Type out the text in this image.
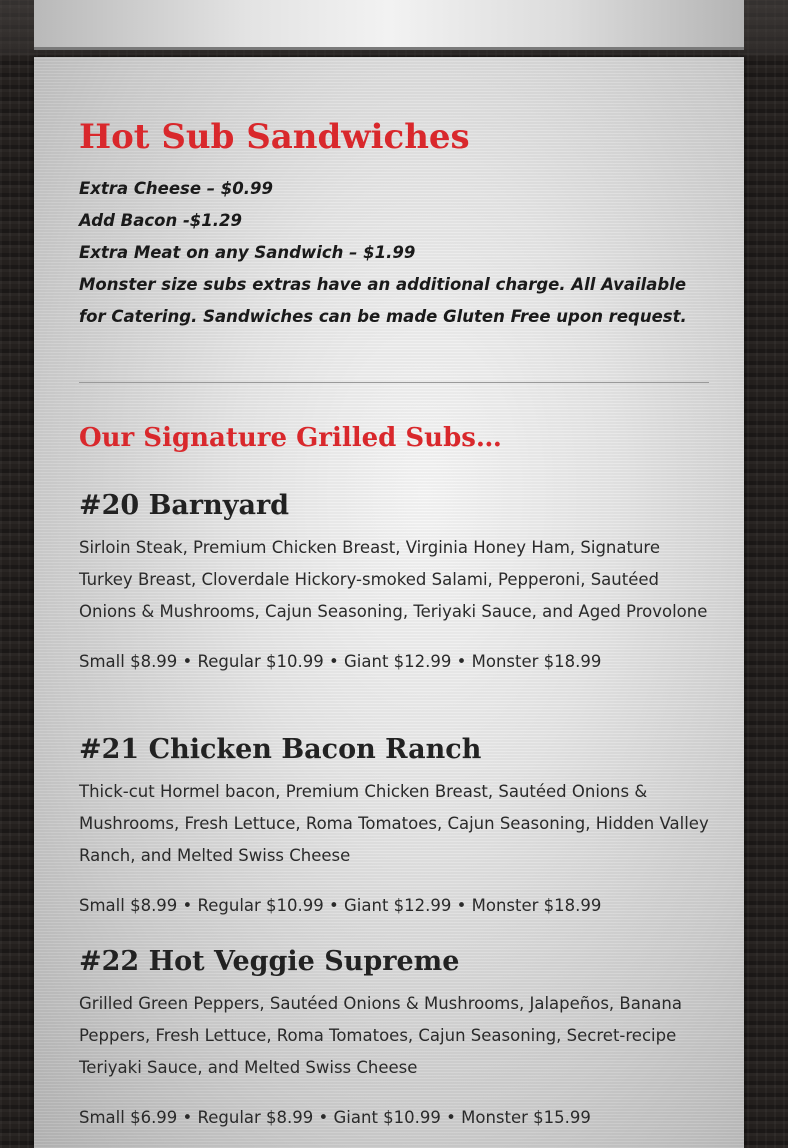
Hot Sub Sandwiches
Extra Cheese – $0.99
Add Bacon -$1.29
Extra Meat on any Sandwich – $1.99
Monster size subs extras have an additional charge. All Available for Catering. Sandwiches can be made Gluten Free upon request.
Our Signature Grilled Subs…
#20 Barnyard

Sirloin Steak, Premium Chicken Breast, Virginia Honey Ham, Signature Turkey Breast, Cloverdale Hickory-smoked Salami, Pepperoni, Sautéed Onions & Mushrooms, Cajun Seasoning, Teriyaki Sauce, and Aged Provolone

Small $8.99 • Regular $10.99 • Giant $12.99 • Monster $18.99

#21 Chicken Bacon Ranch

Thick-cut Hormel bacon, Premium Chicken Breast, Sautéed Onions & Mushrooms, Fresh Lettuce, Roma Tomatoes, Cajun Seasoning, Hidden Valley Ranch, and Melted Swiss Cheese

Small $8.99 • Regular $10.99 • Giant $12.99 • Monster $18.99

#22 Hot Veggie Supreme

Grilled Green Peppers, Sautéed Onions & Mushrooms, Jalapeños, Banana Peppers, Fresh Lettuce, Roma Tomatoes, Cajun Seasoning, Secret-recipe Teriyaki Sauce, and Melted Swiss Cheese

Small $6.99 • Regular $8.99 • Giant $10.99 • Monster $15.99
